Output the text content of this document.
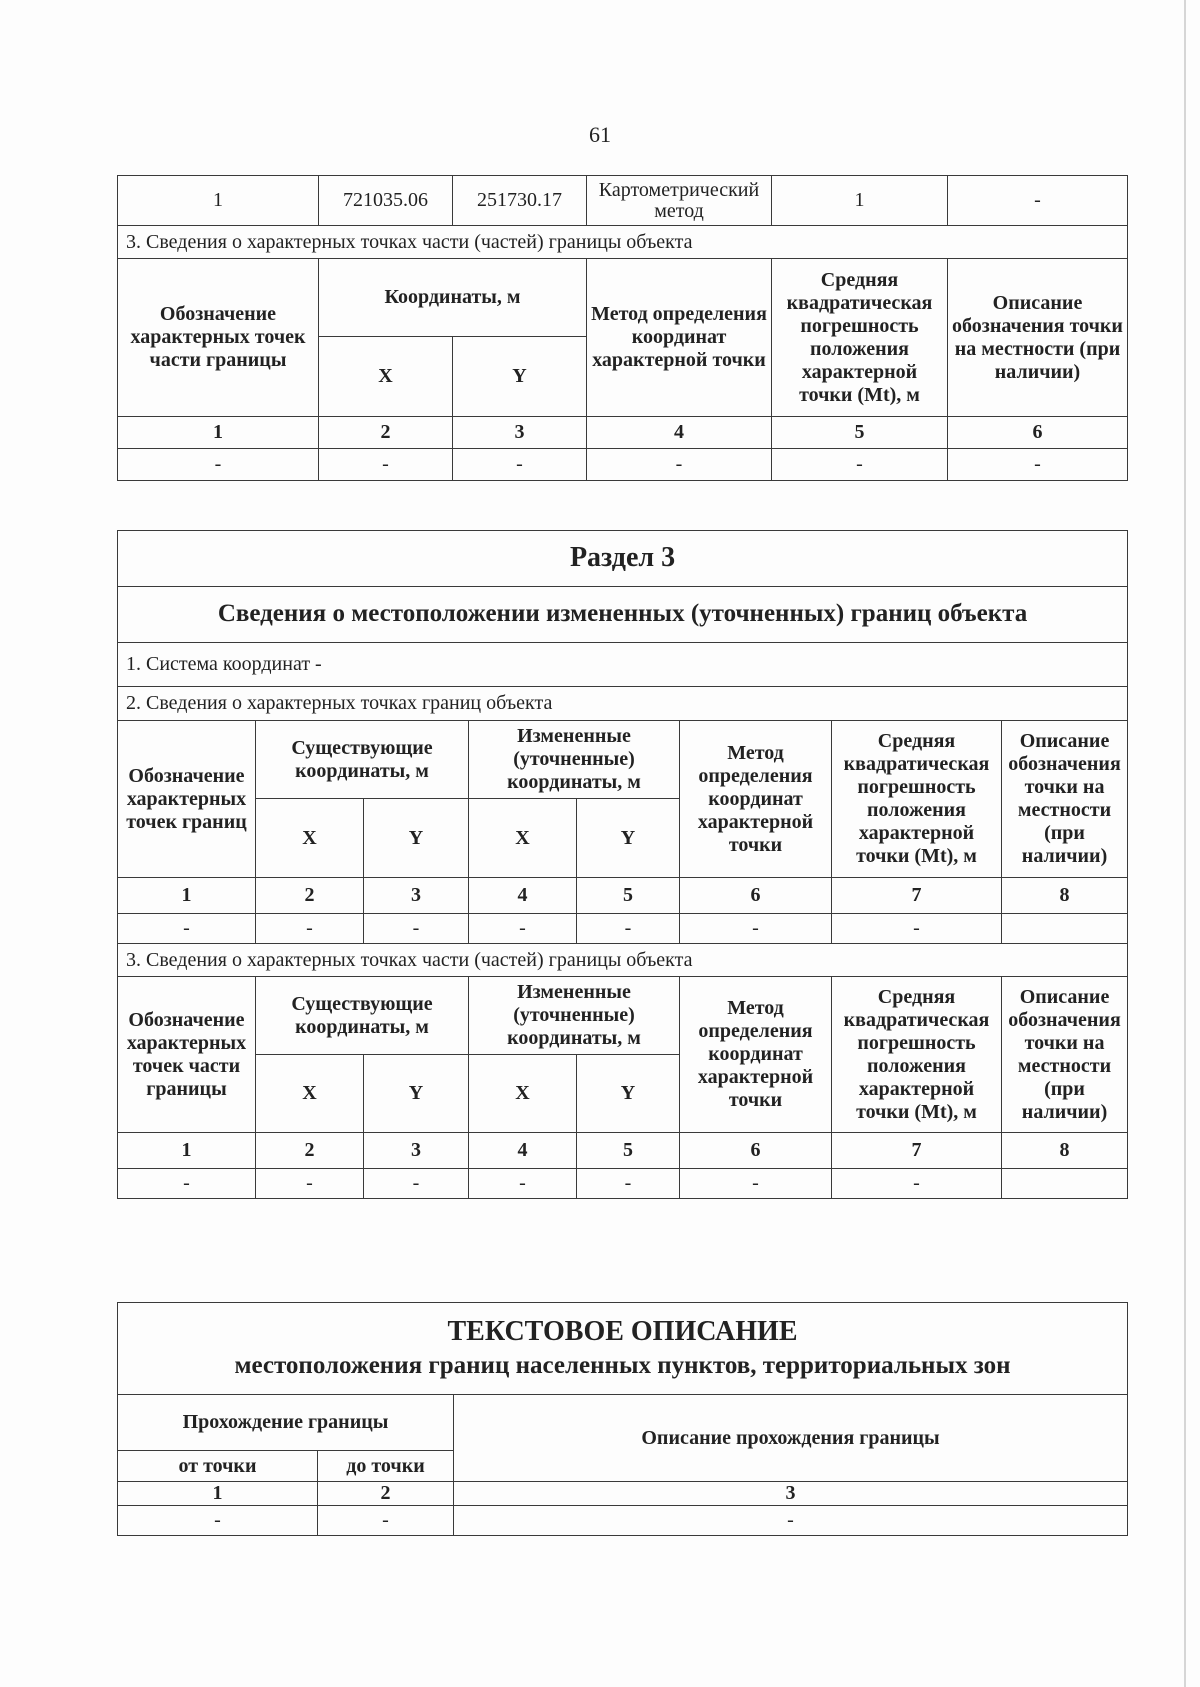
61
1	721035.06	251730.17	Картометрический метод	1	-
3. Сведения о характерных точках части (частей) границы объекта					
Обозначение характерных точек части границы	Координаты, м		Метод определения координат характерной точки	Средняя квадратическая погрешность положения характерной точки (Mt), м	Описание обозначения точки на местности (при наличии)
	X	Y			
1	2	3	4	5	6
-	-	-	-	-	-
Раздел 3							
Сведения о местоположении измененных (уточненных) границ объекта							
1. Система координат -							
2. Сведения о характерных точках границ объекта							
Обозначение характерных точек границ	Существующие координаты, м		Измененные (уточненные) координаты, м		Метод определения координат характерной точки	Средняя квадратическая погрешность положения характерной точки (Mt), м	Описание обозначения точки на местности (при наличии)
	X	Y	X	Y			
1	2	3	4	5	6	7	8
-	-	-	-	-	-	-	
3. Сведения о характерных точках части (частей) границы объекта							
Обозначение характерных точек части границы	Существующие координаты, м		Измененные (уточненные) координаты, м		Метод определения координат характерной точки	Средняя квадратическая погрешность положения характерной точки (Mt), м	Описание обозначения точки на местности (при наличии)
	X	Y	X	Y			
1	2	3	4	5	6	7	8
-	-	-	-	-	-	-	
ТЕКСТОВОЕ ОПИСАНИЕ
местоположения границ населенных пунктов, территориальных зон		

Прохождение границы		Описание прохождения границы
от точки	до точки	
1	2	3
-	-	-
